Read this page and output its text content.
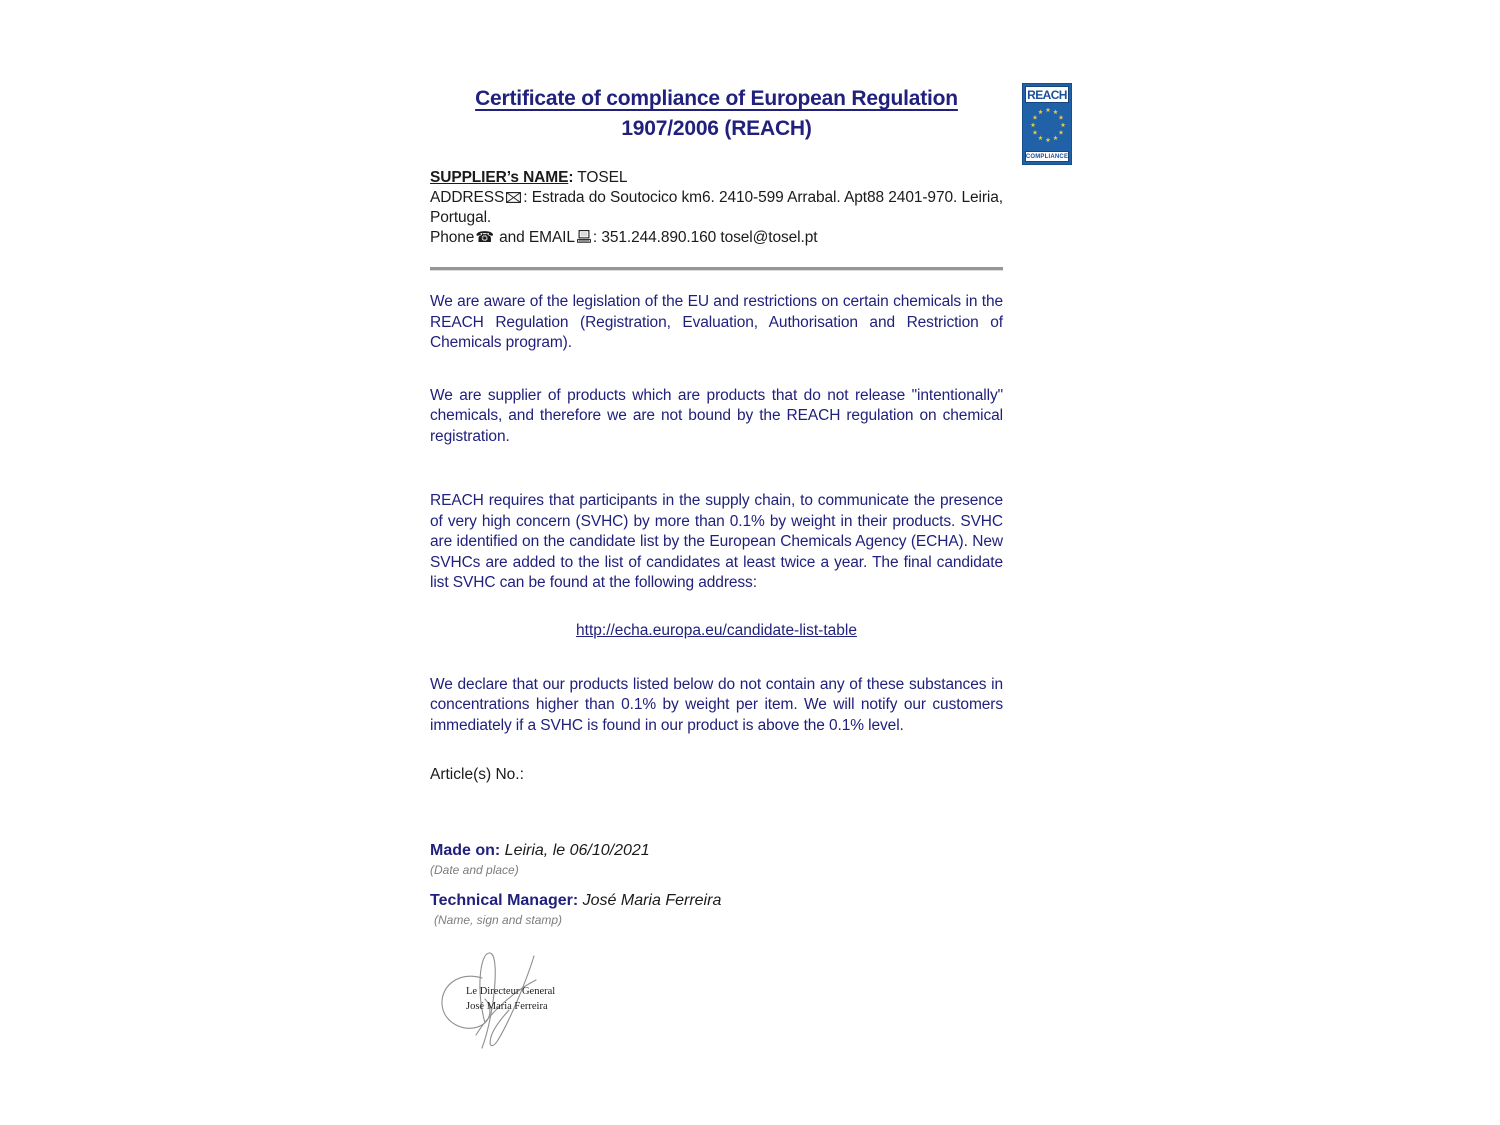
REACH
COMPLIANCE
Certificate of compliance of European Regulation
1907/2006 (REACH)

SUPPLIER’s NAME: TOSEL

ADDRESS : Estrada do Soutocico km6. 2410-599 Arrabal. Apt88 2401-970. Leiria, Portugal.

Phone☎ and EMAIL : 351.244.890.160 tosel@tosel.pt

We are aware of the legislation of the EU and restrictions on certain chemicals in the REACH Regulation (Registration, Evaluation, Authorisation and Restriction of Chemicals program).

We are supplier of products which are products that do not release "intentionally" chemicals, and therefore we are not bound by the REACH regulation on chemical registration.

REACH requires that participants in the supply chain, to communicate the presence of very high concern (SVHC) by more than 0.1% by weight in their products. SVHC are identified on the candidate list by the European Chemicals Agency (ECHA). New SVHCs are added to the list of candidates at least twice a year. The final candidate list SVHC can be found at the following address:

http://echa.europa.eu/candidate-list-table

We declare that our products listed below do not contain any of these substances in concentrations higher than 0.1% by weight per item. We will notify our customers immediately if a SVHC is found in our product is above the 0.1% level.

Article(s) No.:

Made on: Leiria, le 06/10/2021

(Date and place)

Technical Manager: José Maria Ferreira

(Name, sign and stamp)

Le Directeur General
José Maria Ferreira
